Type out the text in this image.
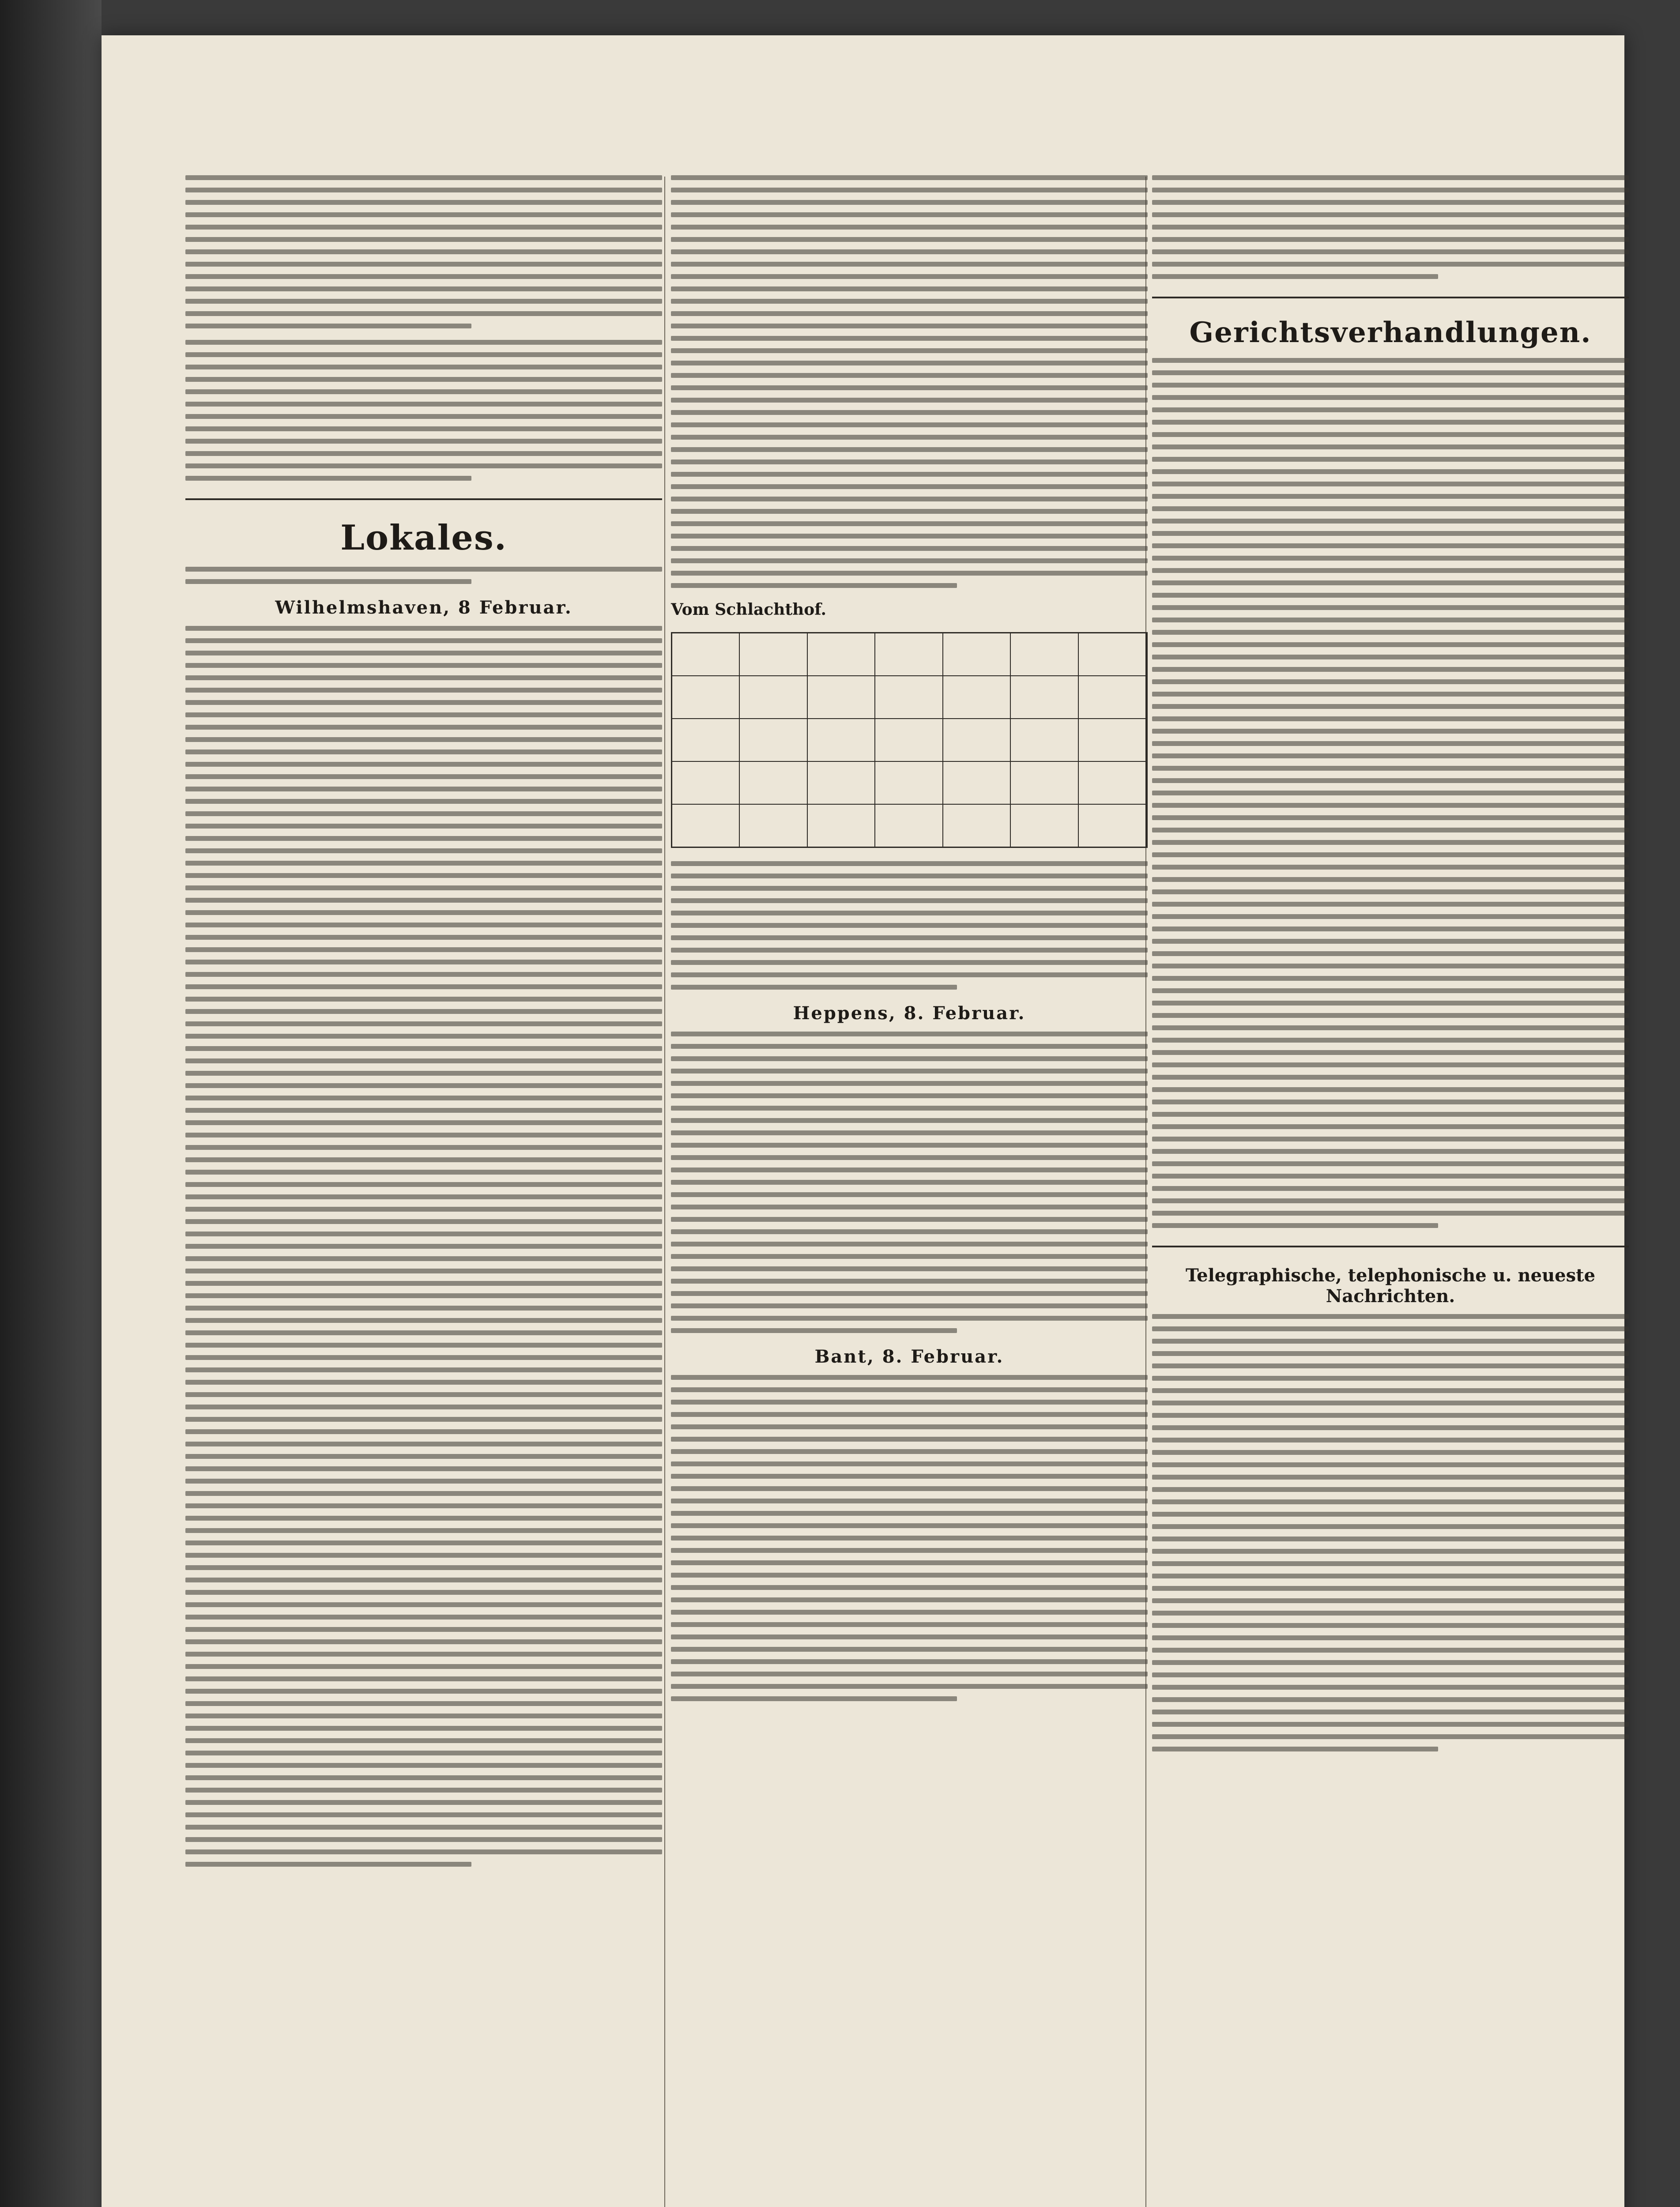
Lokales.
Wilhelmshaven, 8 Februar.	Vom Schlachthof.
Heppens, 8. Februar.
Bant, 8. Februar.
Gerichtsverhandlungen.
Telegraphische, telephonische u. neueste Nachrichten.
